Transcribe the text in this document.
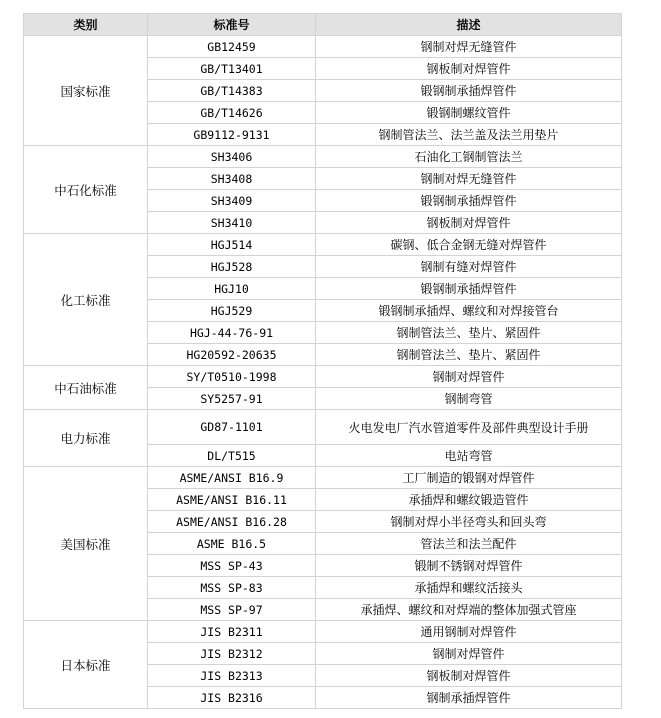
类别	标准号	描述
国家标准	GB12459	钢制对焊无缝管件
	GB/T13401	钢板制对焊管件
	GB/T14383	锻钢制承插焊管件
	GB/T14626	锻钢制螺纹管件
	GB9112-9131	钢制管法兰、法兰盖及法兰用垫片
中石化标准	SH3406	石油化工钢制管法兰
	SH3408	钢制对焊无缝管件
	SH3409	锻钢制承插焊管件
	SH3410	钢板制对焊管件
化工标准	HGJ514	碳钢、低合金钢无缝对焊管件
	HGJ528	钢制有缝对焊管件
	HGJ10	锻钢制承插焊管件
	HGJ529	锻钢制承插焊、螺纹和对焊接管台
	HGJ-44-76-91	钢制管法兰、垫片、紧固件
	HG20592-20635	钢制管法兰、垫片、紧固件
中石油标准	SY/T0510-1998	钢制对焊管件
	SY5257-91	钢制弯管
电力标准	GD87-1101	火电发电厂汽水管道零件及部件典型设计手册
	DL/T515	电站弯管
美国标准	ASME/ANSI B16.9	工厂制造的锻钢对焊管件
	ASME/ANSI B16.11	承插焊和螺纹锻造管件
	ASME/ANSI B16.28	钢制对焊小半径弯头和回头弯
	ASME B16.5	管法兰和法兰配件
	MSS SP-43	锻制不锈钢对焊管件
	MSS SP-83	承插焊和螺纹活接头
	MSS SP-97	承插焊、螺纹和对焊端的整体加强式管座
日本标准	JIS B2311	通用钢制对焊管件
	JIS B2312	钢制对焊管件
	JIS B2313	钢板制对焊管件
	JIS B2316	钢制承插焊管件
